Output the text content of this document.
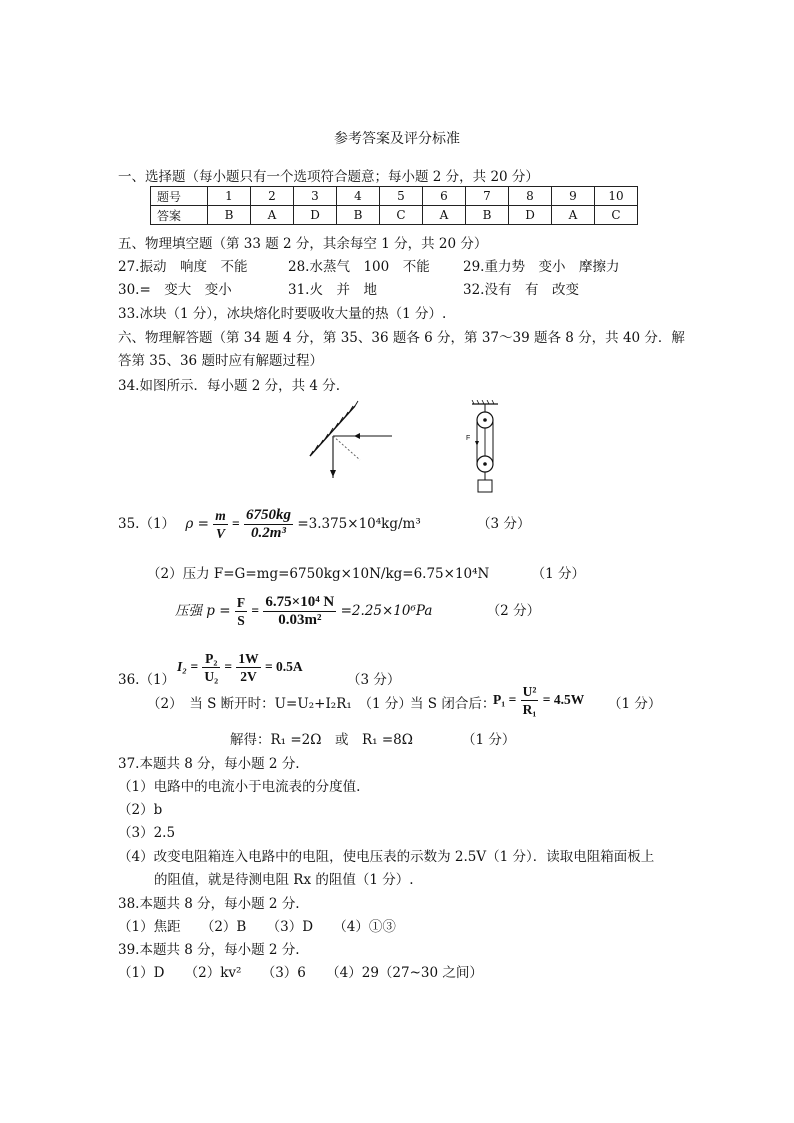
参考答案及评分标准
一、选择题（每小题只有一个选项符合题意；每小题 2 分，共 20 分）
题号	1	2	3	4	5	6	7	8	9	10
答案	B	A	D	B	C	A	B	D	A	C
五、物理填空题（第 33 题 2 分，其余每空 1 分，共 20 分）
27.振动　响度　不能	28.水蒸气　100　不能 29.重力势　变小　摩擦力
30.=　变大　变小	31.火　并　地	32.没有　有　改变
33.冰块（1 分），冰块熔化时要吸收大量的热（1 分）.
六、物理解答题（第 34 题 4 分，第 35、36 题各 6 分，第 37～39 题各 8 分，共 40 分．解
答第 35、36 题时应有解题过程）
34.如图所示．每小题 2 分，共 4 分.
F
35.（1） $\rho = \frac{m}{V} = \frac{6750kg}{\text{0.2m³}} =3.375\times 10^4kg/m^3$	（3 分）
（2）压力 F=G=mg=6750kg×10N/kg=6.75×10⁴N	（1 分）
压强 $p = \frac{F}{S} = \frac{\text{6.75×10⁴ N}}{\text{0.03m²}} =2.25\times 10^6Pa$	（2 分）
$I_2 = \frac{\text{P₂}}{\text{U₂}} = \frac{1W}{2V} = 0.5A$
36.（1）	（3 分）
（2）　当 S 断开时：U=U₂+I₂R₁　（1 分）
当 S 闭合后：
$P_1 = \frac{\text{U²}}{\text{R₁}} = 4.5W$ （1 分）
解得：R₁ =2Ω　或　R₁ =8Ω	（1 分）
37.本题共 8 分，每小题 2 分.
（1）电路中的电流小于电流表的分度值.
（2）b
（3）2.5
（4）改变电阻箱连入电路中的电阻，使电压表的示数为 2.5V（1 分）．读取电阻箱面板上
的阻值，就是待测电阻 Rx 的阻值（1 分）.
38.本题共 8 分，每小题 2 分.
（1）焦距　　（2）B　　（3）D　　（4）①③
39.本题共 8 分，每小题 2 分.
（1）D　　（2）kv²　　（3）6　　（4）29（27~30 之间）
